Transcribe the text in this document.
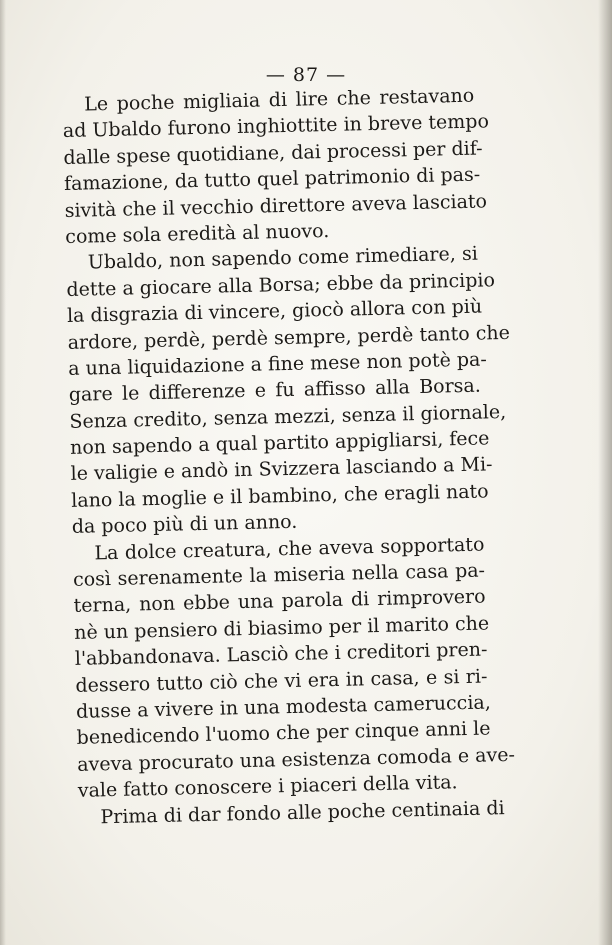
— 87 —
Le poche migliaia di lire che restavano
ad Ubaldo furono inghiottite in breve tempo
dalle spese quotidiane, dai processi per dif-
famazione, da tutto quel patrimonio di pas-
sività che il vecchio direttore aveva lasciato
come sola eredità al nuovo.
Ubaldo, non sapendo come rimediare, si
dette a giocare alla Borsa; ebbe da principio
la disgrazia di vincere, giocò allora con più
ardore, perdè, perdè sempre, perdè tanto che
a una liquidazione a fine mese non potè pa-
gare le differenze e fu affisso alla Borsa.
Senza credito, senza mezzi, senza il giornale,
non sapendo a qual partito appigliarsi, fece
le valigie e andò in Svizzera lasciando a Mi-
lano la moglie e il bambino, che eragli nato
da poco più di un anno.
La dolce creatura, che aveva sopportato
così serenamente la miseria nella casa pa-
terna, non ebbe una parola di rimprovero
nè un pensiero di biasimo per il marito che
l'abbandonava. Lasciò che i creditori pren-
dessero tutto ciò che vi era in casa, e si ri-
dusse a vivere in una modesta cameruccia,
benedicendo l'uomo che per cinque anni le
aveva procurato una esistenza comoda e ave-
vale fatto conoscere i piaceri della vita.
Prima di dar fondo alle poche centinaia di
